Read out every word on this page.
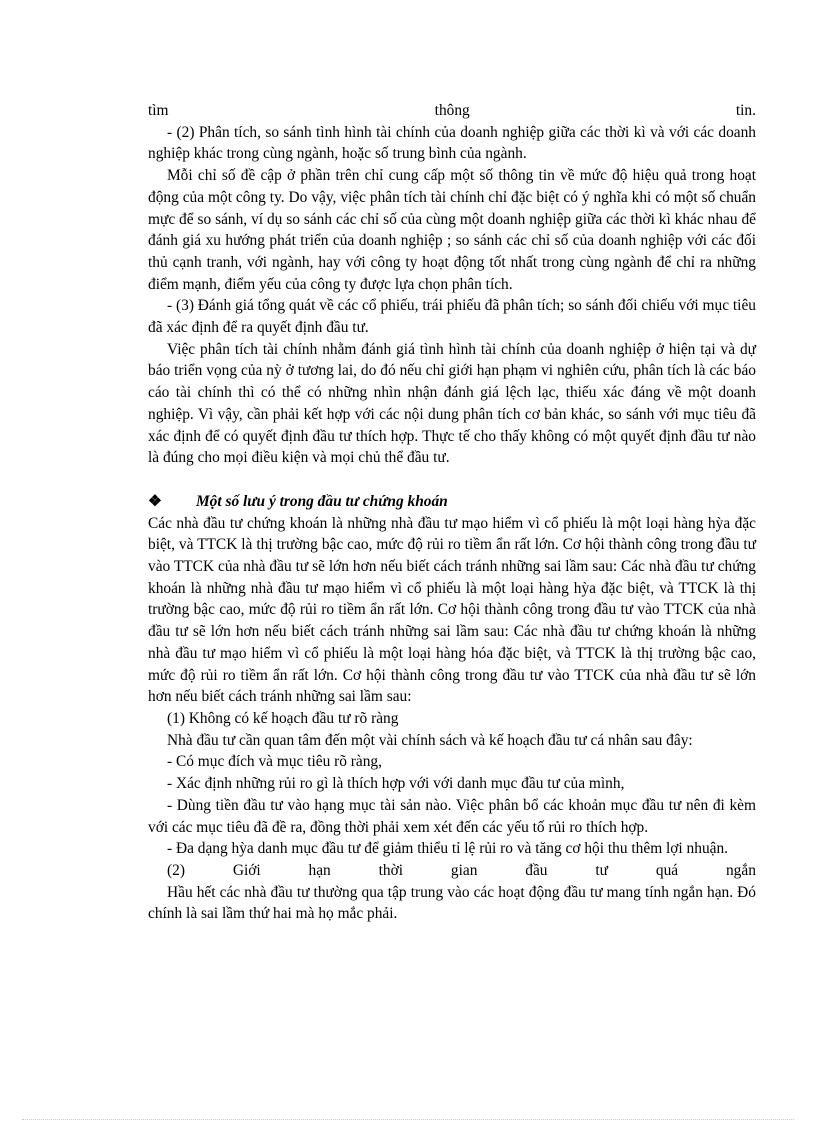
tìm	thông	tin.

- (2) Phân tích, so sánh tình hình tài chính của doanh nghiệp giữa các thời kì và với các doanh nghiệp khác trong cùng ngành, hoặc số trung bình của ngành.

Mỗi chỉ số đề cập ở phần trên chỉ cung cấp một số thông tin về mức độ hiệu quả trong hoạt động của một công ty. Do vậy, việc phân tích tài chính chỉ đặc biệt có ý nghĩa khi có một số chuẩn mực để so sánh, ví dụ so sánh các chỉ số của cùng một doanh nghiệp giữa các thời kì khác nhau để đánh giá xu hướng phát triển của doanh nghiệp ; so sánh các chỉ số của doanh nghiệp với các đối thủ cạnh tranh, với ngành, hay với công ty hoạt động tốt nhất trong cùng ngành để chỉ ra những điểm mạnh, điểm yếu của công ty được lựa chọn phân tích.

- (3) Đánh giá tổng quát về các cổ phiếu, trái phiếu đã phân tích; so sánh đối chiếu với mục tiêu đã xác định để ra quyết định đầu tư.

Việc phân tích tài chính nhằm đánh giá tình hình tài chính của doanh nghiệp ở hiện tại và dự báo triển vọng của nỳ ở tương lai, do đó nếu chỉ giới hạn phạm vi nghiên cứu, phân tích là các báo cáo tài chính thì có thể có những nhìn nhận đánh giá lệch lạc, thiếu xác đáng về một doanh nghiệp. Vì vậy, cần phải kết hợp với các nội dung phân tích cơ bản khác, so sánh với mục tiêu đã xác định để có quyết định đầu tư thích hợp. Thực tế cho thấy không có một quyết định đầu tư nào là đúng cho mọi điều kiện và mọi chủ thể đầu tư.

❖	Một số lưu ý trong đầu tư chứng khoán

Các nhà đầu tư chứng khoán là những nhà đầu tư mạo hiểm vì cổ phiếu là một loại hàng hỳa đặc biệt, và TTCK là thị trường bậc cao, mức độ rủi ro tiềm ẩn rất lớn. Cơ hội thành công trong đầu tư vào TTCK của nhà đầu tư sẽ lớn hơn nếu biết cách tránh những sai lầm sau: Các nhà đầu tư chứng khoán là những nhà đầu tư mạo hiểm vì cổ phiếu là một loại hàng hỳa đặc biệt, và TTCK là thị trường bậc cao, mức độ rủi ro tiềm ẩn rất lớn. Cơ hội thành công trong đầu tư vào TTCK của nhà đầu tư sẽ lớn hơn nếu biết cách tránh những sai lầm sau: Các nhà đầu tư chứng khoán là những nhà đầu tư mạo hiểm vì cổ phiếu là một loại hàng hóa đặc biệt, và TTCK là thị trường bậc cao, mức độ rủi ro tiềm ẩn rất lớn. Cơ hội thành công trong đầu tư vào TTCK của nhà đầu tư sẽ lớn hơn nếu biết cách tránh những sai lầm sau:

(1) Không có kế hoạch đầu tư rõ ràng

Nhà đầu tư cần quan tâm đến một vài chính sách và kế hoạch đầu tư cá nhân sau đây:

- Có mục đích và mục tiêu rõ ràng,

- Xác định những rủi ro gì là thích hợp với với danh mục đầu tư của mình,

- Dùng tiền đầu tư vào hạng mục tài sản nào. Việc phân bổ các khoản mục đầu tư nên đi kèm với các mục tiêu đã đề ra, đồng thời phải xem xét đến các yếu tố rủi ro thích hợp.

- Đa dạng hỳa danh mục đầu tư để giảm thiểu tỉ lệ rủi ro và tăng cơ hội thu thêm lợi nhuận.

(2)	Giới	hạn	thời	gian	đầu	tư	quá	ngắn

Hầu hết các nhà đầu tư thường qua tập trung vào các hoạt động đầu tư mang tính ngắn hạn. Đó chính là sai lầm thứ hai mà họ mắc phải.
